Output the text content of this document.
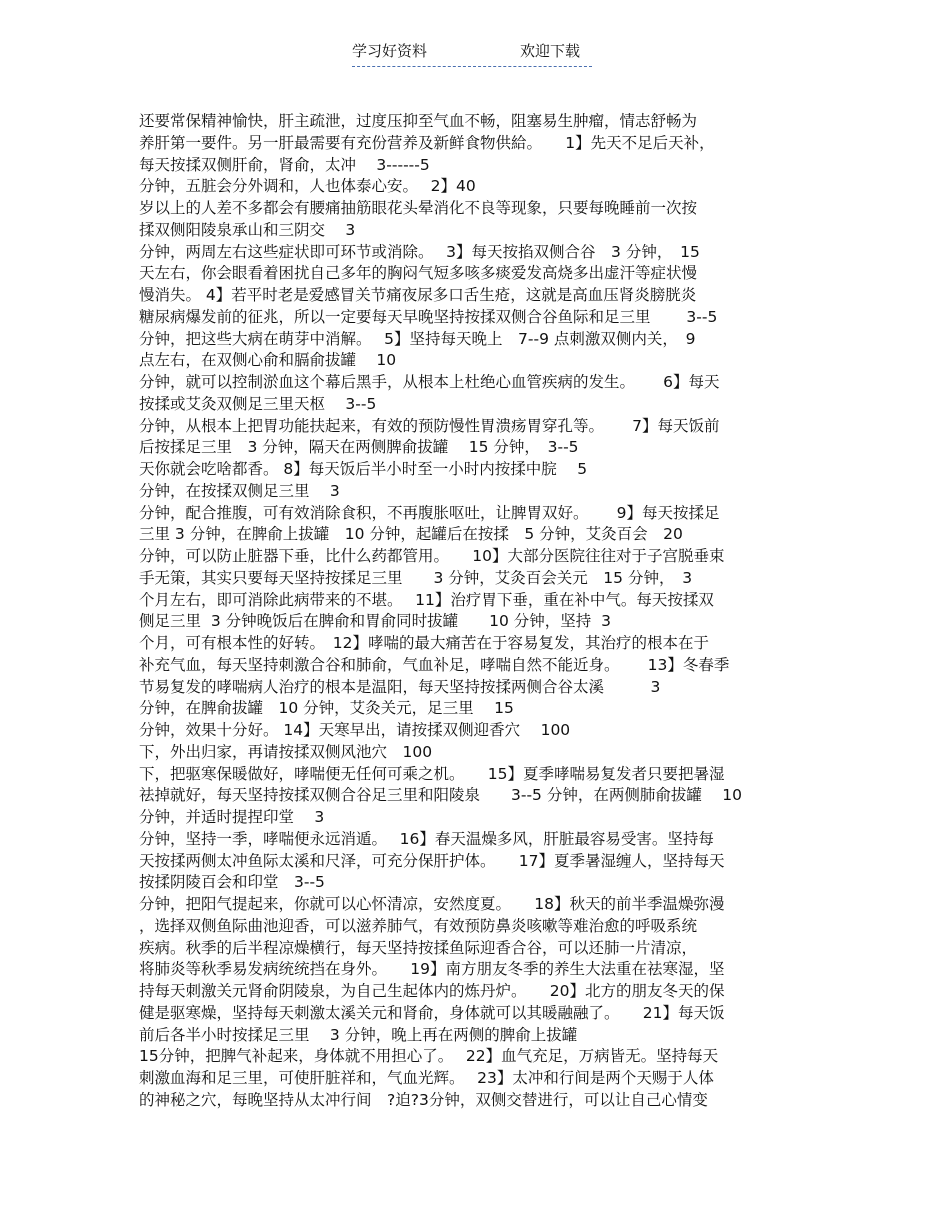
学习好资料	欢迎下载
还要常保精神愉快，肝主疏泄，过度压抑至气血不畅，阻塞易生肿瘤，情志舒畅为
养肝第一要件。另一肝最需要有充份营养及新鲜食物供給。　　1】先天不足后天补，
每天按揉双侧肝俞，肾俞，太冲　 3------5
分钟，五脏会分外调和，人也体泰心安。　 2】40
岁以上的人差不多都会有腰痛抽筋眼花头晕消化不良等现象，只要每晚睡前一次按
揉双侧阳陵泉承山和三阴交　 3
分钟，两周左右这些症状即可环节或消除。　 3】每天按掐双侧合谷　3 分钟，　15
天左右，你会眼看着困扰自己多年的胸闷气短多咳多痰爱发高烧多出虚汗等症状慢
慢消失。 4】若平时老是爱感冒关节痛夜尿多口舌生疮，这就是高血压肾炎膀胱炎
糖尿病爆发前的征兆，所以一定要每天早晚坚持按揉双侧合谷鱼际和足三里　　 3--5
分钟，把这些大病在萌芽中消解。　 5】坚持每天晚上　7--9 点刺激双侧内关，　9
点左右，在双侧心俞和膈俞拔罐　 10
分钟，就可以控制淤血这个幕后黑手，从根本上杜绝心血管疾病的发生。　　 6】每天
按揉或艾灸双侧足三里天枢　 3--5
分钟，从根本上把胃功能扶起来，有效的预防慢性胃溃疡胃穿孔等。　　 7】每天饭前
后按揉足三里　3 分钟，隔天在两侧脾俞拔罐　 15 分钟，　3--5
天你就会吃啥都香。 8】每天饭后半小时至一小时内按揉中脘　 5
分钟，在按揉双侧足三里　 3
分钟，配合推腹，可有效消除食积，不再腹胀呕吐，让脾胃双好。　　 9】每天按揉足
三里 3 分钟，在脾俞上拔罐　10 分钟，起罐后在按揉　5 分钟，艾灸百会　20
分钟，可以防止脏器下垂，比什么药都管用。　　10】大部分医院往往对于子宫脱垂束
手无策，其实只要每天坚持按揉足三里　　3 分钟，艾灸百会关元　15 分钟，　3
个月左右，即可消除此病带来的不堪。　 11】治疗胃下垂，重在补中气。每天按揉双
侧足三里  3 分钟晚饭后在脾俞和胃俞同时拔罐　　10 分钟，坚持  3
个月，可有根本性的好转。　12】哮喘的最大痛苦在于容易复发，其治疗的根本在于
补充气血，每天坚持刺激合谷和肺俞，气血补足，哮喘自然不能近身。　　 13】冬春季
节易复发的哮喘病人治疗的根本是温阳，每天坚持按揉两侧合谷太溪　　　3
分钟，在脾俞拔罐　10 分钟，艾灸关元，足三里　 15
分钟，效果十分好。 14】天寒早出，请按揉双侧迎香穴　 100
下，外出归家，再请按揉双侧风池穴　100
下，把驱寒保暖做好，哮喘便无任何可乘之机。　　15】夏季哮喘易复发者只要把暑湿
祛掉就好，每天坚持按揉双侧合谷足三里和阳陵泉　　3--5 分钟，在两侧肺俞拔罐　 10
分钟，并适时提捏印堂　 3
分钟，坚持一季，哮喘便永远消遁。　 16】春天温燥多风，肝脏最容易受害。坚持每
天按揉两侧太冲鱼际太溪和尺泽，可充分保肝护体。　　17】夏季暑湿缠人，坚持每天
按揉阴陵百会和印堂　3--5
分钟，把阳气提起来，你就可以心怀清凉，安然度夏。　　18】秋天的前半季温燥弥漫
，选择双侧鱼际曲池迎香，可以滋养肺气，有效预防鼻炎咳嗽等难治愈的呼吸系统
疾病。秋季的后半程凉燥横行，每天坚持按揉鱼际迎香合谷，可以还肺一片清凉，
将肺炎等秋季易发病统统挡在身外。　　19】南方朋友冬季的养生大法重在祛寒湿，坚
持每天刺激关元肾俞阴陵泉，为自己生起体内的炼丹炉。　　20】北方的朋友冬天的保
健是驱寒燥，坚持每天刺激太溪关元和肾俞，身体就可以其暖融融了。　　21】每天饭
前后各半小时按揉足三里　 3 分钟，晚上再在两侧的脾俞上拔罐
15分钟，把脾气补起来，身体就不用担心了。　 22】血气充足，万病皆无。坚持每天
刺激血海和足三里，可使肝脏祥和，气血光辉。　 23】太冲和行间是两个天赐于人体
的神秘之穴，每晚坚持从太冲行间　?迫?3分钟，双侧交替进行，可以让自己心情变
